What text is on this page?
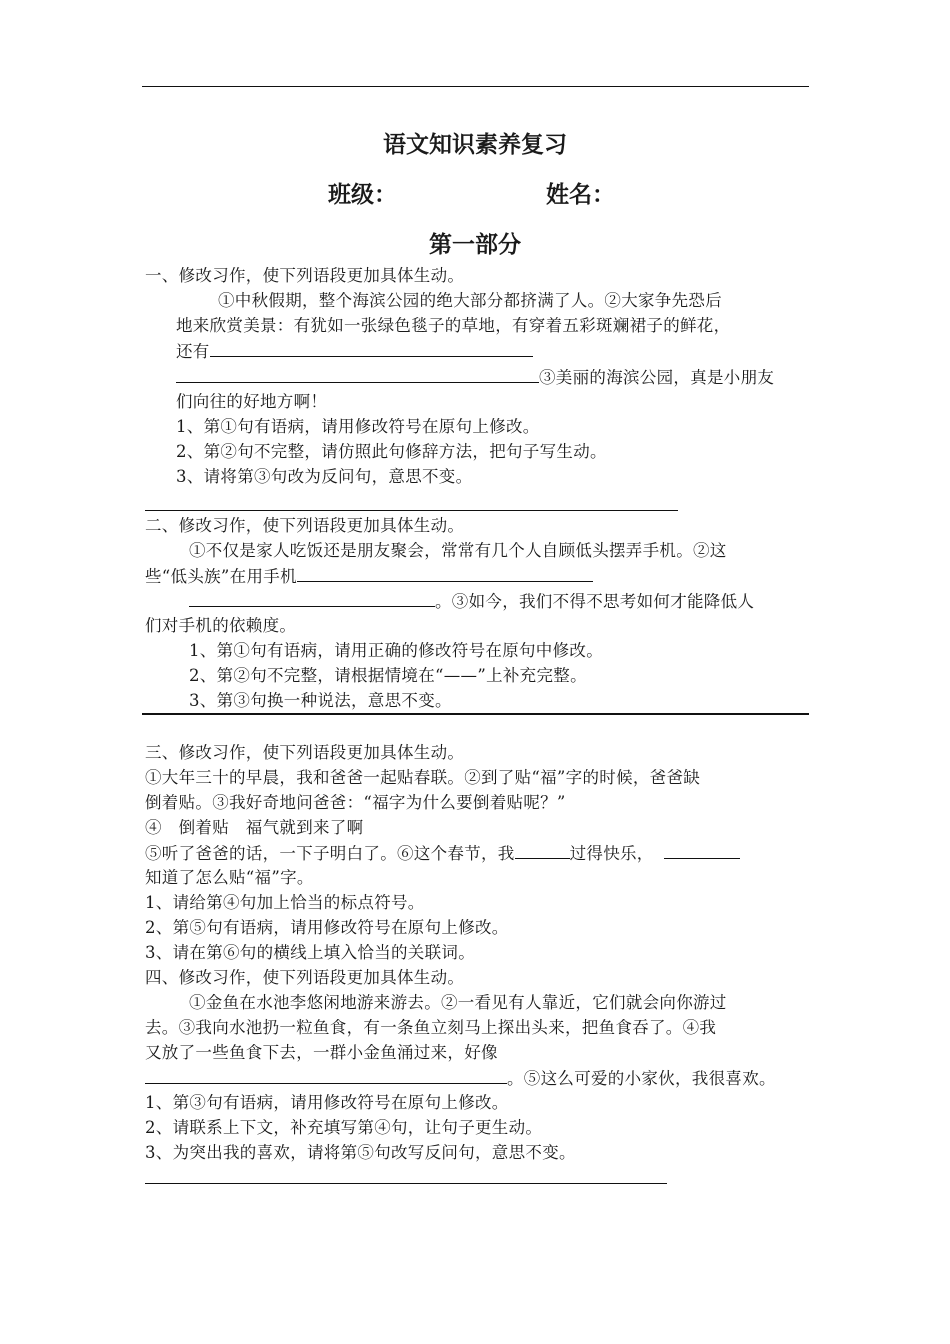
语文知识素养复习
班级：	姓名：
第一部分
一、修改习作，使下列语段更加具体生动。
①中秋假期，整个海滨公园的绝大部分都挤满了人。②大家争先恐后
地来欣赏美景：有犹如一张绿色毯子的草地，有穿着五彩斑斓裙子的鲜花，
还有
③美丽的海滨公园，真是小朋友
们向往的好地方啊！
1、第①句有语病，请用修改符号在原句上修改。
2、第②句不完整，请仿照此句修辞方法，把句子写生动。
3、请将第③句改为反问句，意思不变。
二、修改习作，使下列语段更加具体生动。
①不仅是家人吃饭还是朋友聚会，常常有几个人自顾低头摆弄手机。②这
些“低头族”在用手机
。③如今，我们不得不思考如何才能降低人
们对手机的依赖度。
1、第①句有语病，请用正确的修改符号在原句中修改。
2、第②句不完整，请根据情境在“——”上补充完整。
3、第③句换一种说法，意思不变。
三、修改习作，使下列语段更加具体生动。
①大年三十的早晨，我和爸爸一起贴春联。②到了贴“福”字的时候，爸爸缺
倒着贴。③我好奇地问爸爸：“福字为什么要倒着贴呢？”
④　倒着贴　福气就到来了啊
⑤听了爸爸的话，一下子明白了。⑥这个春节，我	过得快乐，
知道了怎么贴“福”字。
1、请给第④句加上恰当的标点符号。
2、第⑤句有语病，请用修改符号在原句上修改。
3、请在第⑥句的横线上填入恰当的关联词。
四、修改习作，使下列语段更加具体生动。
①金鱼在水池李悠闲地游来游去。②一看见有人靠近，它们就会向你游过
去。③我向水池扔一粒鱼食，有一条鱼立刻马上探出头来，把鱼食吞了。④我
又放了一些鱼食下去，一群小金鱼涌过来，好像
。⑤这么可爱的小家伙，我很喜欢。
1、第③句有语病，请用修改符号在原句上修改。
2、请联系上下文，补充填写第④句，让句子更生动。
3、为突出我的喜欢，请将第⑤句改写反问句，意思不变。
